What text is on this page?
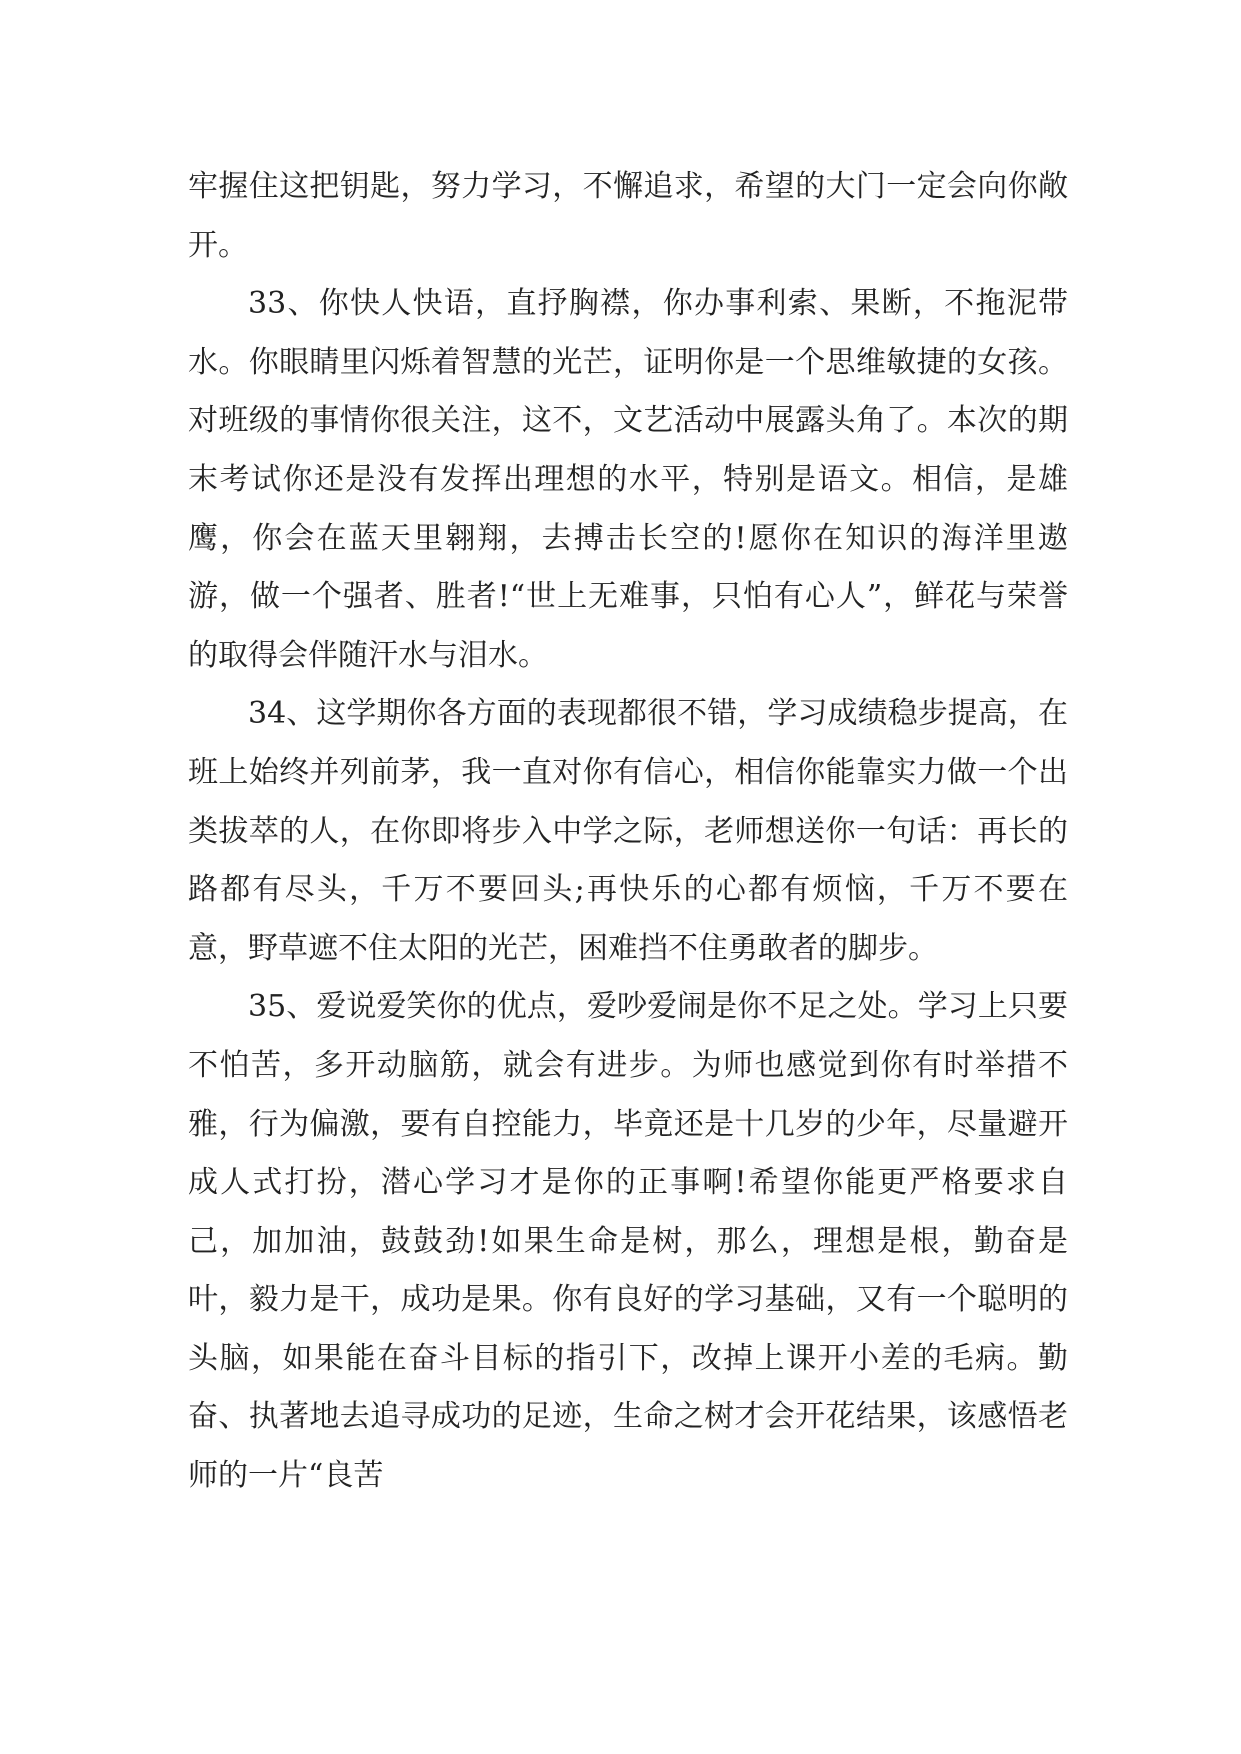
牢握住这把钥匙，努力学习，不懈追求，希望的大门一定会向你敞开。

33、你快人快语，直抒胸襟，你办事利索、果断，不拖泥带水。你眼睛里闪烁着智慧的光芒，证明你是一个思维敏捷的女孩。对班级的事情你很关注，这不，文艺活动中展露头角了。本次的期末考试你还是没有发挥出理想的水平，特别是语文。相信，是雄鹰，你会在蓝天里翱翔，去搏击长空的!愿你在知识的海洋里遨游，做一个强者、胜者!“世上无难事，只怕有心人”，鲜花与荣誉的取得会伴随汗水与泪水。

34、这学期你各方面的表现都很不错，学习成绩稳步提高，在班上始终并列前茅，我一直对你有信心，相信你能靠实力做一个出类拔萃的人，在你即将步入中学之际，老师想送你一句话：再长的路都有尽头，千万不要回头;再快乐的心都有烦恼，千万不要在意，野草遮不住太阳的光芒，困难挡不住勇敢者的脚步。

35、爱说爱笑你的优点，爱吵爱闹是你不足之处。学习上只要不怕苦，多开动脑筋，就会有进步。为师也感觉到你有时举措不雅，行为偏激，要有自控能力，毕竟还是十几岁的少年，尽量避开成人式打扮，潜心学习才是你的正事啊!希望你能更严格要求自己，加加油，鼓鼓劲!如果生命是树，那么，理想是根，勤奋是叶，毅力是干，成功是果。你有良好的学习基础，又有一个聪明的头脑，如果能在奋斗目标的指引下，改掉上课开小差的毛病。勤奋、执著地去追寻成功的足迹，生命之树才会开花结果，该感悟老师的一片“良苦
